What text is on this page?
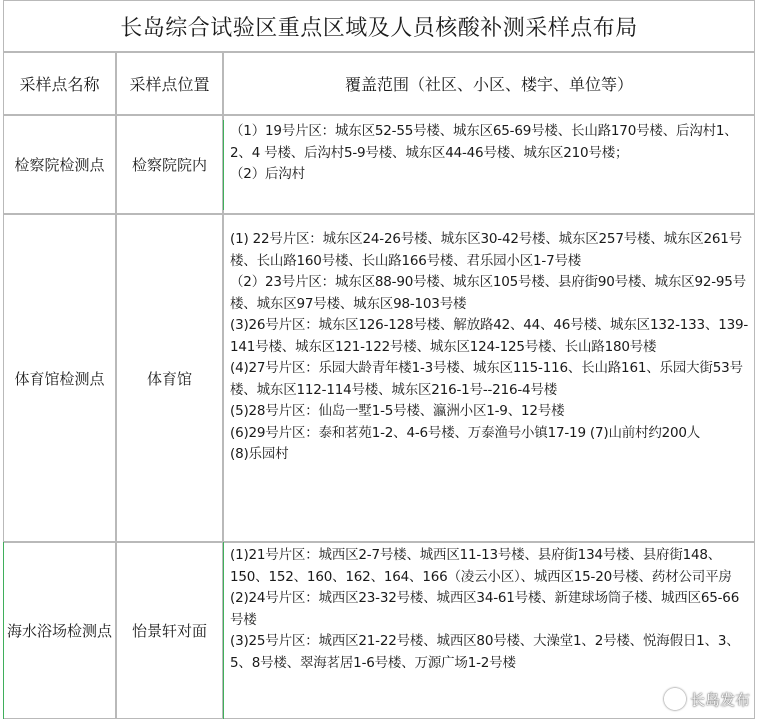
长岛综合试验区重点区域及人员核酸补测采样点布局
采样点名称	采样点位置	覆盖范围（社区、小区、楼宇、单位等）
检察院检测点	检察院院内
（1）19号片区：城东区52-55号楼、城东区65-69号楼、长山路170号楼、后沟村1、2、4 号楼、后沟村5-9号楼、城东区44-46号楼、城东区210号楼；
（2）后沟村
体育馆检测点	体育馆
(1) 22号片区：城东区24-26号楼、城东区30-42号楼、城东区257号楼、城东区261号楼、长山路160号楼、长山路166号楼、君乐园小区1-7号楼
（2）23号片区：城东区88-90号楼、城东区105号楼、县府街90号楼、城东区92-95号楼、城东区97号楼、城东区98-103号楼
(3)26号片区：城东区126-128号楼、解放路42、44、46号楼、城东区132-133、139-141号楼、城东区121-122号楼、城东区124-125号楼、长山路180号楼
(4)27号片区：乐园大龄青年楼1-3号楼、城东区115-116、长山路161、乐园大街53号楼、城东区112-114号楼、城东区216-1号--216-4号楼
(5)28号片区：仙岛一墅1-5号楼、瀛洲小区1-9、12号楼
(6)29号片区：泰和茗苑1-2、4-6号楼、万泰渔号小镇17-19 (7)山前村约200人
(8)乐园村
海水浴场检测点	怡景轩对面
(1)21号片区：城西区2-7号楼、城西区11-13号楼、县府街134号楼、县府街148、150、152、160、162、164、166（凌云小区）、城西区15-20号楼、药材公司平房
(2)24号片区：城西区23-32号楼、城西区34-61号楼、新建球场筒子楼、城西区65-66号楼
(3)25号片区：城西区21-22号楼、城西区80号楼、大澡堂1、2号楼、悦海假日1、3、5、8号楼、翠海茗居1-6号楼、万源广场1-2号楼
长岛发布
